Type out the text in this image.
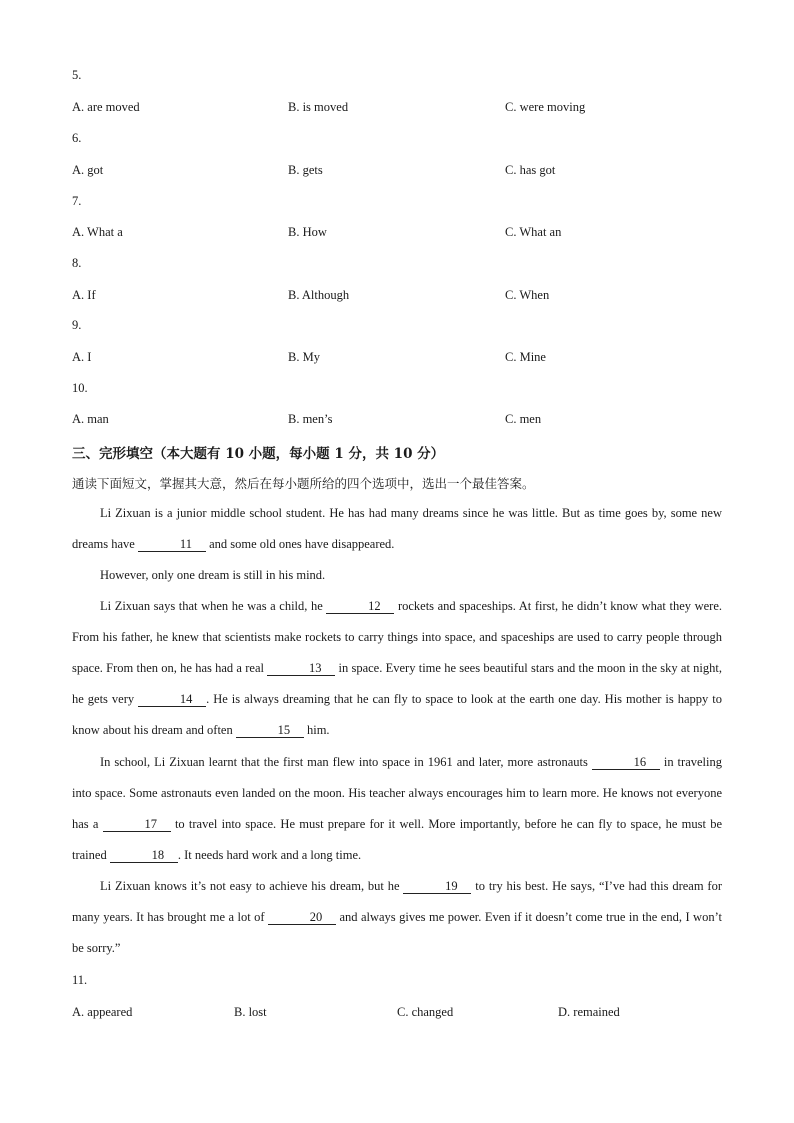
5.
A. are moved	B. is moved	C. were moving
6.
A. got	B. gets	C. has got
7.
A. What a	B. How	C. What an
8.
A. If	B. Although	C. When
9.
A. I	B. My	C. Mine
10.
A. man	B. men’s	C. men
三、完形填空（本大题有 10 小题，每小题 1 分，共 10 分）
通读下面短文，掌握其大意，然后在每小题所给的四个选项中，选出一个最佳答案。

Li Zixuan is a junior middle school student. He has had many dreams since he was little. But as time goes by, some new dreams have	11 and some old ones have disappeared.

However, only one dream is still in his mind.

Li Zixuan says that when he was a child, he	12 rockets and spaceships. At first, he didn’t know what they were. From his father, he knew that scientists make rockets to carry things into space, and spaceships are used to carry people through space. From then on, he has had a real	13 in space. Every time he sees beautiful stars and the moon in the sky at night, he gets very	14 . He is always dreaming that he can fly to space to look at the earth one day. His mother is happy to know about his dream and often	15 him.

In school, Li Zixuan learnt that the first man flew into space in 1961 and later, more astronauts	16 in traveling into space. Some astronauts even landed on the moon. His teacher always encourages him to learn more. He knows not everyone has a	17 to travel into space. He must prepare for it well. More importantly, before he can fly to space, he must be trained	18 . It needs hard work and a long time.

Li Zixuan knows it’s not easy to achieve his dream, but he	19 to try his best. He says, “I’ve had this dream for many years. It has brought me a lot of	20 and always gives me power. Even if it doesn’t come true in the end, I won’t be sorry.”

11.
A. appeared	B. lost	C. changed	D. remained
